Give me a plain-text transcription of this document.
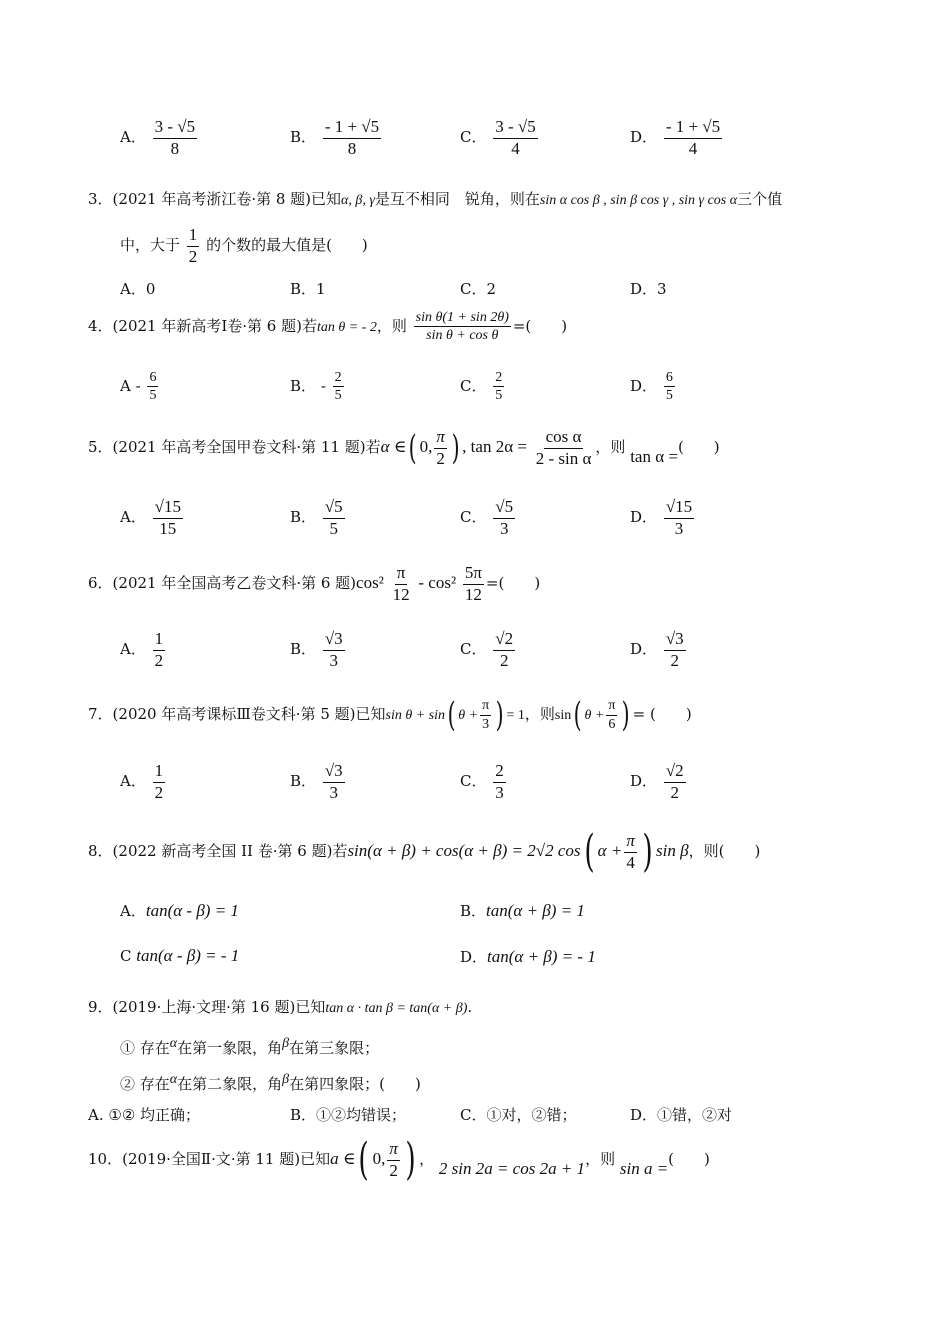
A． $\frac{3 - √5}{8}$	B． $\frac{- 1 + √5}{8}$	C． $\frac{3 - √5}{4}$	D． $\frac{- 1 + √5}{4}$
3．(2021 年高考浙江卷·第 8 题)已知α, β, γ是互不相同　锐角，则在sin α cos β , sin β cos γ , sin γ cos α三个值
中，大于 $\frac{1}{2}$ 的个数的最大值是(　　)
A．0	B．1	C．2	D．3
4．(2021 年新高考Ⅰ卷·第 6 题)若tan θ = - 2，则 $\frac{\text{sin θ(1 + sin 2θ)}}{\text{sin θ + cos θ}}$ =(　　)
A - $\frac{6}{5}$	B． - $\frac{2}{5}$	C． $\frac{2}{5}$	D． $\frac{6}{5}$
5．(2021 年高考全国甲卷文科·第 11 题)若α ∈( 0, $\frac{\pi}{2}$ ) , $\tan 2\alpha = \frac{\text{cos α}}{\text{2 - sin α}}$ ，则 tan α =(　　)
A． $\frac{√15}{15}$	B． $\frac{√5}{5}$	C． $\frac{√5}{3}$	D． $\frac{√15}{3}$
6．(2021 年全国高考乙卷文科·第 6 题)$\cos^2 \frac{\pi}{12} - \cos^2 \frac{5\pi}{12}$ =(　　)
A． $\frac{1}{2}$	B． $\frac{√3}{3}$	C． $\frac{√2}{2}$	D． $\frac{√3}{2}$
7．(2020 年高考课标Ⅲ卷文科·第 5 题)已知sin θ + sin( $\theta + \frac{\pi}{3}$ ) = 1，则sin( $\theta + \frac{\pi}{6}$ ) = (　　)
A． $\frac{1}{2}$	B． $\frac{√3}{3}$	C． $\frac{2}{3}$	D． $\frac{√2}{2}$
8．(2022 新高考全国 II 卷·第 6 题)若sin(α + β) + cos(α + β) = 2√2 cos( $\alpha + \frac{\pi}{4}$ ) sin β，则(　　)
A．tan(α - β) = 1	B．tan(α + β) = 1
C tan(α - β) = - 1	D．tan(α + β) = - 1
9．(2019·上海·文理·第 16 题)已知tan α · tan β = tan(α + β).
① 存在$^\alpha$在第一象限，角$^\beta$在第三象限；
② 存在$^\alpha$在第二象限，角$^\beta$在第四象限；(　　)
A. ①② 均正确；	B．①②均错误；	C．①对，②错；	D．①错，②对
10．(2019·全国Ⅱ·文·第 11 题)已知a ∈( 0, $\frac{\pi}{2}$ ) ， 2 sin 2a = cos 2a + 1，则 sin a =(　　)
